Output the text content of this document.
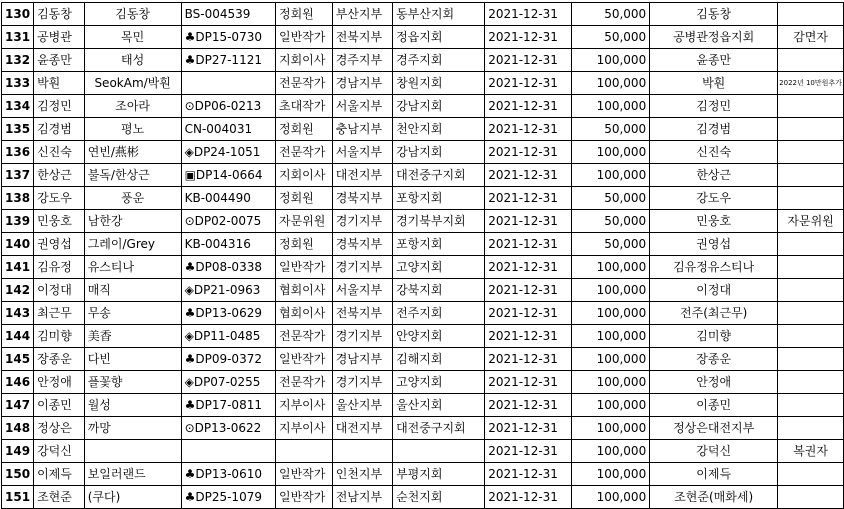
130	김동창	김동창	BS-004539	정회원	부산지부	동부산지회	2021-12-31	50,000	김동창	
131	공병관	목민	♣DP15-0730	일반작가	전북지부	정읍지회	2021-12-31	50,000	공병관정읍지회	감면자
132	윤종만	태성	♣DP27-1121	지회이사	경주지부	경주지회	2021-12-31	100,000	윤종만	
133	박훤	SeokAm/박훤		전문작가	경남지부	창원지회	2021-12-31	100,000	박훤	2022년 10만원추가
134	김정민	조아라	⊙DP06-0213	초대작가	서울지부	강남지회	2021-12-31	100,000	김정민	
135	김경범	평노	CN-004031	정회원	충남지부	천안지회	2021-12-31	50,000	김경범	
136	신진숙	연빈/燕彬	◈DP24-1051	전문작가	서울지부	강남지회	2021-12-31	100,000	신진숙	
137	한상근	불독/한상근	▣DP14-0664	지회이사	대전지부	대전중구지회	2021-12-31	100,000	한상근	
138	강도우	풍운	KB-004490	정회원	경북지부	포항지회	2021-12-31	50,000	강도우	
139	민웅호	남한강	⊙DP02-0075	자문위원	경기지부	경기북부지회	2021-12-31	50,000	민웅호	자문위원
140	권영섭	그레이/Grey	KB-004316	정회원	경북지부	포항지회	2021-12-31	50,000	권영섭	
141	김유정	유스티나	♣DP08-0338	일반작가	경기지부	고양지회	2021-12-31	100,000	김유정유스티나	
142	이정대	매직	◈DP21-0963	협회이사	서울지부	강북지회	2021-12-31	100,000	이정대	
143	최근무	무송	♣DP13-0629	협회이사	전북지부	전주지회	2021-12-31	100,000	전주(최근무)	
144	김미향	美香	◈DP11-0485	전문작가	경기지부	안양지회	2021-12-31	100,000	김미향	
145	장종운	다빈	♣DP09-0372	일반작가	경남지부	김해지회	2021-12-31	100,000	장종운	
146	안정애	플꽃향	◈DP07-0255	전문작가	경기지부	고양지회	2021-12-31	100,000	안정애	
147	이종민	월성	♣DP17-0811	지부이사	울산지부	울산지회	2021-12-31	100,000	이종민	
148	정상은	까망	⊙DP13-0622	지부이사	대전지부	대전중구지회	2021-12-31	100,000	정상은대전지부	
149	강덕신						2021-12-31	100,000	강덕신	복권자
150	이제득	보일러랜드	♣DP13-0610	일반작가	인천지부	부평지회	2021-12-31	100,000	이제득	
151	조현준	(쿠다)	♣DP25-1079	일반작가	전남지부	순천지회	2021-12-31	100,000	조현준(매화세)	
